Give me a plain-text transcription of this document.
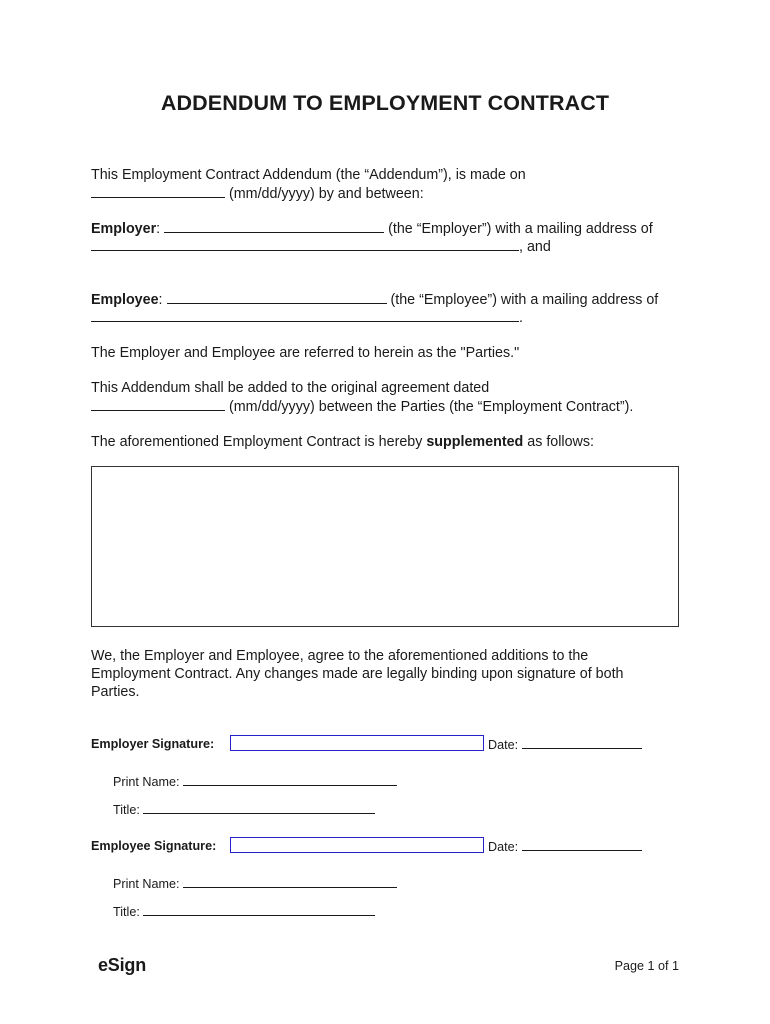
ADDENDUM TO EMPLOYMENT CONTRACT
This Employment Contract Addendum (the “Addendum”), is made on
(mm/dd/yyyy) by and between:
Employer:	(the “Employer”) with a mailing address of
, and
Employee:	(the “Employee”) with a mailing address of
.
The Employer and Employee are referred to herein as the "Parties."
This Addendum shall be added to the original agreement dated
(mm/dd/yyyy) between the Parties (the “Employment Contract”).
The aforementioned Employment Contract is hereby supplemented as follows:
We, the Employer and Employee, agree to the aforementioned additions to the
Employment Contract. Any changes made are legally binding upon signature of both
Parties.
Employer Signature:	Date:
Print Name:
Title:
Employee Signature:	Date:
Print Name:
Title:
eSign	Page 1 of 1
